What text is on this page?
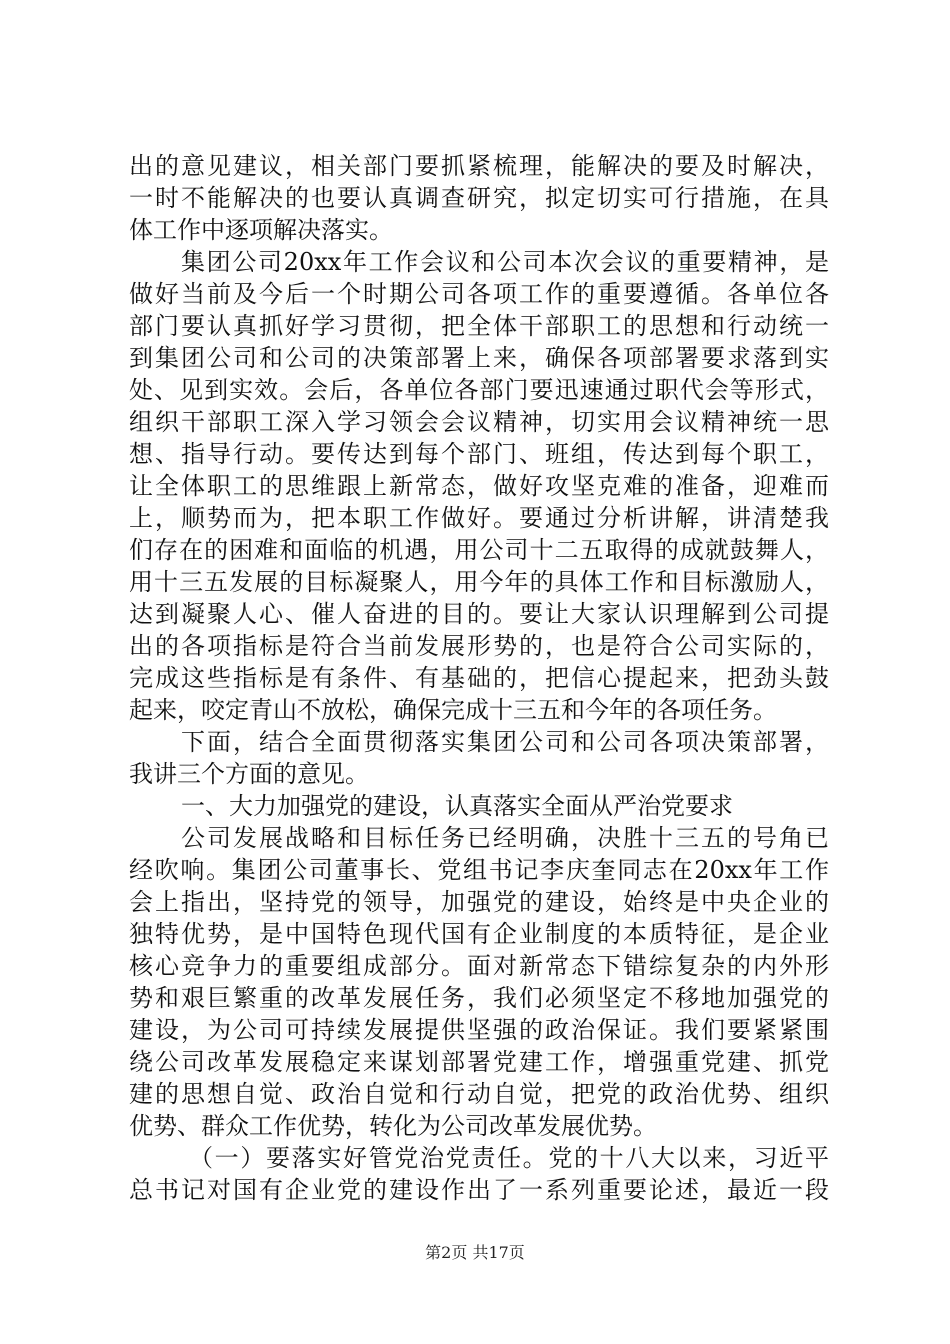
出的意见建议，相关部门要抓紧梳理，能解决的要及时解决，
一时不能解决的也要认真调查研究，拟定切实可行措施，在具
体工作中逐项解决落实。
集团公司20xx年工作会议和公司本次会议的重要精神，是
做好当前及今后一个时期公司各项工作的重要遵循。各单位各
部门要认真抓好学习贯彻，把全体干部职工的思想和行动统一
到集团公司和公司的决策部署上来，确保各项部署要求落到实
处、见到实效。会后，各单位各部门要迅速通过职代会等形式，
组织干部职工深入学习领会会议精神，切实用会议精神统一思
想、指导行动。要传达到每个部门、班组，传达到每个职工，
让全体职工的思维跟上新常态，做好攻坚克难的准备，迎难而
上，顺势而为，把本职工作做好。要通过分析讲解，讲清楚我
们存在的困难和面临的机遇，用公司十二五取得的成就鼓舞人，
用十三五发展的目标凝聚人，用今年的具体工作和目标激励人，
达到凝聚人心、催人奋进的目的。要让大家认识理解到公司提
出的各项指标是符合当前发展形势的，也是符合公司实际的，
完成这些指标是有条件、有基础的，把信心提起来，把劲头鼓
起来，咬定青山不放松，确保完成十三五和今年的各项任务。
下面，结合全面贯彻落实集团公司和公司各项决策部署，
我讲三个方面的意见。
一、大力加强党的建设，认真落实全面从严治党要求
公司发展战略和目标任务已经明确，决胜十三五的号角已
经吹响。集团公司董事长、党组书记李庆奎同志在20xx年工作
会上指出，坚持党的领导，加强党的建设，始终是中央企业的
独特优势，是中国特色现代国有企业制度的本质特征，是企业
核心竞争力的重要组成部分。面对新常态下错综复杂的内外形
势和艰巨繁重的改革发展任务，我们必须坚定不移地加强党的
建设，为公司可持续发展提供坚强的政治保证。我们要紧紧围
绕公司改革发展稳定来谋划部署党建工作，增强重党建、抓党
建的思想自觉、政治自觉和行动自觉，把党的政治优势、组织
优势、群众工作优势，转化为公司改革发展优势。
（一）要落实好管党治党责任。党的十八大以来，习近平
总书记对国有企业党的建设作出了一系列重要论述，最近一段
第2页 共17页
